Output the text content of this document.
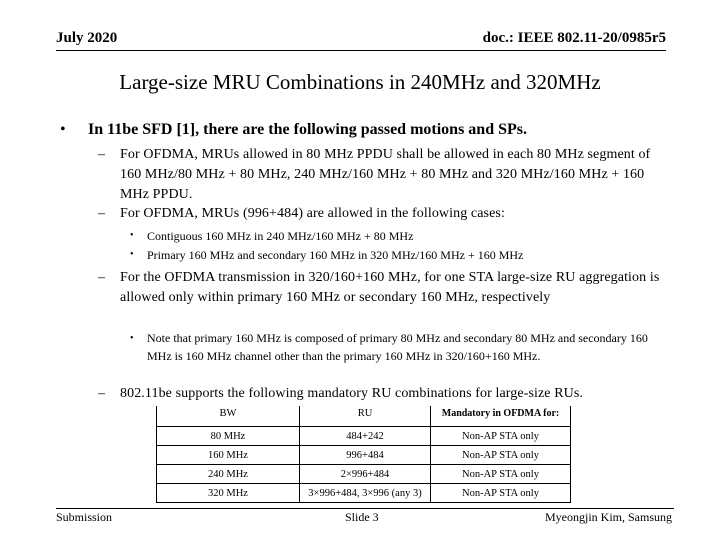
July 2020	doc.: IEEE 802.11-20/0985r5
Large-size MRU Combinations in 240MHz and 320MHz
• In 11be SFD [1], there are the following passed motions and SPs.
– For OFDMA, MRUs allowed in 80 MHz PPDU shall be allowed in each 80 MHz segment of 160 MHz/80 MHz + 80 MHz, 240 MHz/160 MHz + 80 MHz and 320 MHz/160 MHz + 160 MHz PPDU.
– For OFDMA, MRUs (996+484) are allowed in the following cases:
• Contiguous 160 MHz in 240 MHz/160 MHz + 80 MHz
• Primary 160 MHz and secondary 160 MHz in 320 MHz/160 MHz + 160 MHz
– For the OFDMA transmission in 320/160+160 MHz, for one STA large-size RU aggregation is allowed only within primary 160 MHz or secondary 160 MHz, respectively
• Note that primary 160 MHz is composed of primary 80 MHz and secondary 80 MHz and secondary 160 MHz is 160 MHz channel other than the primary 160 MHz in 320/160+160 MHz.
– 802.11be supports the following mandatory RU combinations for large-size RUs.
BW	RU	Mandatory in OFDMA for:
80 MHz	484+242	Non-AP STA only
160 MHz	996+484	Non-AP STA only
240 MHz	2×996+484	Non-AP STA only
320 MHz	3×996+484, 3×996 (any 3)	Non-AP STA only
Submission	Slide 3	Myeongjin Kim, Samsung
